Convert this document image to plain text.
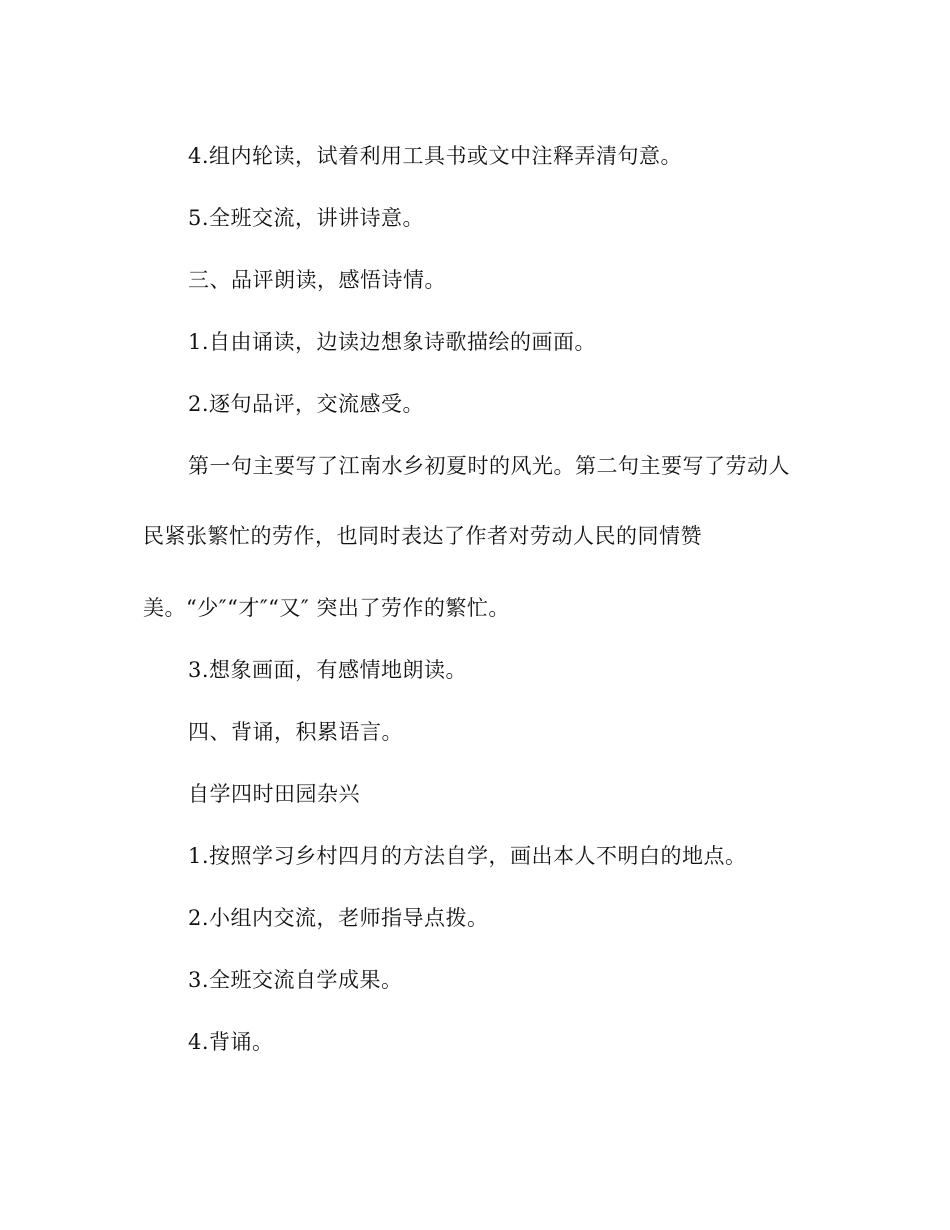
4.组内轮读，试着利用工具书或文中注释弄清句意。
5.全班交流，讲讲诗意。
三、品评朗读，感悟诗情。
1.自由诵读，边读边想象诗歌描绘的画面。
2.逐句品评，交流感受。
第一句主要写了江南水乡初夏时的风光。第二句主要写了劳动人
民紧张繁忙的劳作，也同时表达了作者对劳动人民的同情赞
美。“少″“才″“又″ 突出了劳作的繁忙。
3.想象画面，有感情地朗读。
四、背诵，积累语言。
自学四时田园杂兴
1.按照学习乡村四月的方法自学，画出本人不明白的地点。
2.小组内交流，老师指导点拨。
3.全班交流自学成果。
4.背诵。
